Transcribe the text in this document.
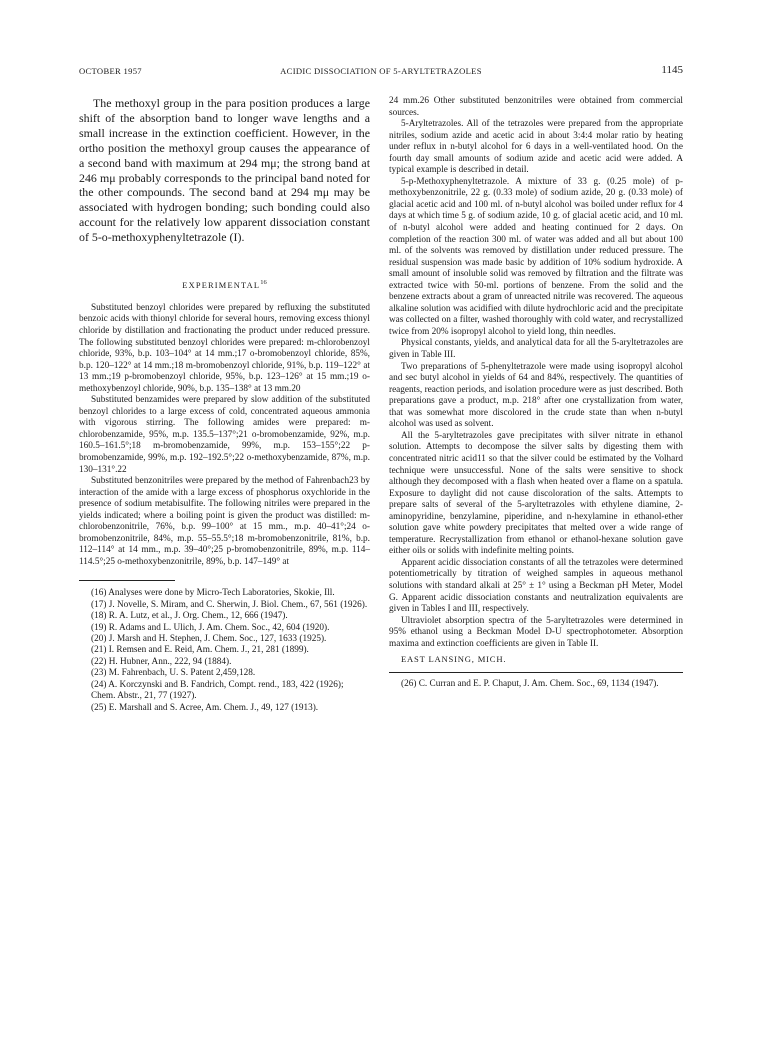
OCTOBER 1957	ACIDIC DISSOCIATION OF 5-ARYLTETRAZOLES	1145

The methoxyl group in the para position produces a large shift of the absorption band to longer wave lengths and a small increase in the extinction coefficient. However, in the ortho position the methoxyl group causes the appearance of a second band with maximum at 294 mμ; the strong band at 246 mμ probably corresponds to the principal band noted for the other compounds. The second band at 294 mμ may be associated with hydrogen bonding; such bonding could also account for the relatively low apparent dissociation constant of 5-o-methoxyphenyltetrazole (I).

EXPERIMENTAL$^{16}$

Substituted benzoyl chlorides were prepared by refluxing the substituted benzoic acids with thionyl chloride for several hours, removing excess thionyl chloride by distillation and fractionating the product under reduced pressure. The following substituted benzoyl chlorides were prepared: m-chlorobenzoyl chloride, 93%, b.p. 103–104° at 14 mm.;17 o-bromobenzoyl chloride, 85%, b.p. 120–122° at 14 mm.;18 m-bromobenzoyl chloride, 91%, b.p. 119–122° at 13 mm.;19 p-bromobenzoyl chloride, 95%, b.p. 123–126° at 15 mm.;19 o-methoxybenzoyl chloride, 90%, b.p. 135–138° at 13 mm.20

Substituted benzamides were prepared by slow addition of the substituted benzoyl chlorides to a large excess of cold, concentrated aqueous ammonia with vigorous stirring. The following amides were prepared: m-chlorobenzamide, 95%, m.p. 135.5–137°;21 o-bromobenzamide, 92%, m.p. 160.5–161.5°;18 m-bromobenzamide, 99%, m.p. 153–155°;22 p-bromobenzamide, 99%, m.p. 192–192.5°;22 o-methoxybenzamide, 87%, m.p. 130–131°.22

Substituted benzonitriles were prepared by the method of Fahrenbach23 by interaction of the amide with a large excess of phosphorus oxychloride in the presence of sodium metabisulfite. The following nitriles were prepared in the yields indicated; where a boiling point is given the product was distilled: m-chlorobenzonitrile, 76%, b.p. 99–100° at 15 mm., m.p. 40–41°;24 o-bromobenzonitrile, 84%, m.p. 55–55.5°;18 m-bromobenzonitrile, 81%, b.p. 112–114° at 14 mm., m.p. 39–40°;25 p-bromobenzonitrile, 89%, m.p. 114–114.5°;25 o-methoxybenzonitrile, 89%, b.p. 147–149° at

(16) Analyses were done by Micro-Tech Laboratories, Skokie, Ill.

(17) J. Novelle, S. Miram, and C. Sherwin, J. Biol. Chem., 67, 561 (1926).

(18) R. A. Lutz, et al., J. Org. Chem., 12, 666 (1947).

(19) R. Adams and L. Ulich, J. Am. Chem. Soc., 42, 604 (1920).

(20) J. Marsh and H. Stephen, J. Chem. Soc., 127, 1633 (1925).

(21) I. Remsen and E. Reid, Am. Chem. J., 21, 281 (1899).

(22) H. Hubner, Ann., 222, 94 (1884).

(23) M. Fahrenbach, U. S. Patent 2,459,128.

(24) A. Korczynski and B. Fandrich, Compt. rend., 183, 422 (1926); Chem. Abstr., 21, 77 (1927).

(25) E. Marshall and S. Acree, Am. Chem. J., 49, 127 (1913).

24 mm.26 Other substituted benzonitriles were obtained from commercial sources.

5-Aryltetrazoles. All of the tetrazoles were prepared from the appropriate nitriles, sodium azide and acetic acid in about 3:4:4 molar ratio by heating under reflux in n-butyl alcohol for 6 days in a well-ventilated hood. On the fourth day small amounts of sodium azide and acetic acid were added. A typical example is described in detail.

5-p-Methoxyphenyltetrazole. A mixture of 33 g. (0.25 mole) of p-methoxybenzonitrile, 22 g. (0.33 mole) of sodium azide, 20 g. (0.33 mole) of glacial acetic acid and 100 ml. of n-butyl alcohol was boiled under reflux for 4 days at which time 5 g. of sodium azide, 10 g. of glacial acetic acid, and 10 ml. of n-butyl alcohol were added and heating continued for 2 days. On completion of the reaction 300 ml. of water was added and all but about 100 ml. of the solvents was removed by distillation under reduced pressure. The residual suspension was made basic by addition of 10% sodium hydroxide. A small amount of insoluble solid was removed by filtration and the filtrate was extracted twice with 50-ml. portions of benzene. From the solid and the benzene extracts about a gram of unreacted nitrile was recovered. The aqueous alkaline solution was acidified with dilute hydrochloric acid and the precipitate was collected on a filter, washed thoroughly with cold water, and recrystallized twice from 20% isopropyl alcohol to yield long, thin needles.

Physical constants, yields, and analytical data for all the 5-aryltetrazoles are given in Table III.

Two preparations of 5-phenyltetrazole were made using isopropyl alcohol and sec butyl alcohol in yields of 64 and 84%, respectively. The quantities of reagents, reaction periods, and isolation procedure were as just described. Both preparations gave a product, m.p. 218° after one crystallization from water, that was somewhat more discolored in the crude state than when n-butyl alcohol was used as solvent.

All the 5-aryltetrazoles gave precipitates with silver nitrate in ethanol solution. Attempts to decompose the silver salts by digesting them with concentrated nitric acid11 so that the silver could be estimated by the Volhard technique were unsuccessful. None of the salts were sensitive to shock although they decomposed with a flash when heated over a flame on a spatula. Exposure to daylight did not cause discoloration of the salts. Attempts to prepare salts of several of the 5-aryltetrazoles with ethylene diamine, 2-aminopyridine, benzylamine, piperidine, and n-hexylamine in ethanol-ether solution gave white powdery precipitates that melted over a wide range of temperature. Recrystallization from ethanol or ethanol-hexane solution gave either oils or solids with indefinite melting points.

Apparent acidic dissociation constants of all the tetrazoles were determined potentiometrically by titration of weighed samples in aqueous methanol solutions with standard alkali at 25° ± 1° using a Beckman pH Meter, Model G. Apparent acidic dissociation constants and neutralization equivalents are given in Tables I and III, respectively.

Ultraviolet absorption spectra of the 5-aryltetrazoles were determined in 95% ethanol using a Beckman Model D-U spectrophotometer. Absorption maxima and extinction coefficients are given in Table II.

EAST LANSING, MICH.

(26) C. Curran and E. P. Chaput, J. Am. Chem. Soc., 69, 1134 (1947).
